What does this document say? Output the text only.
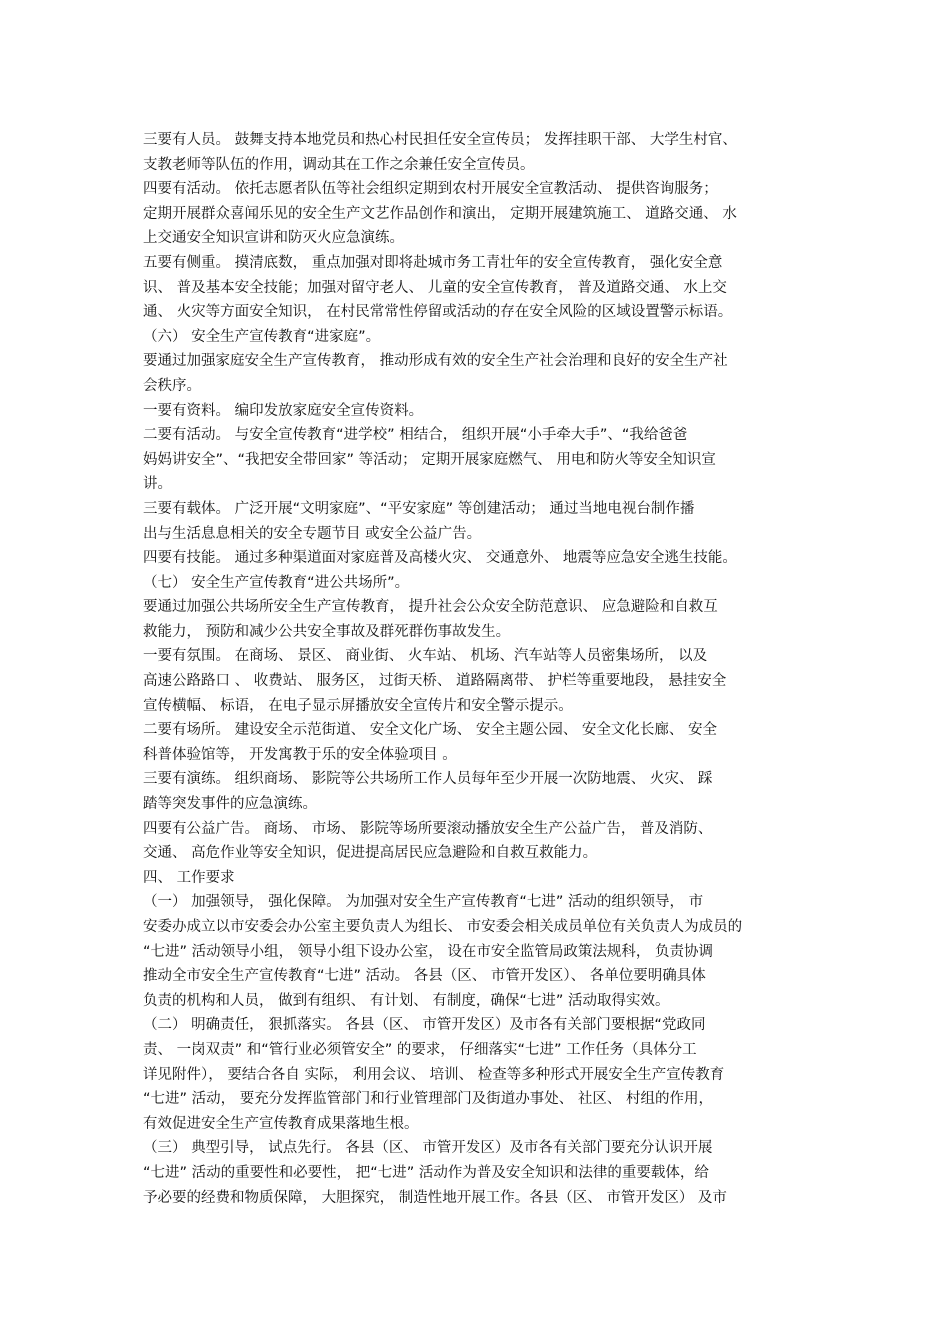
三要有人员。 鼓舞支持本地党员和热心村民担任安全宣传员； 发挥挂职干部、 大学生村官、
支教老师等队伍的作用，调动其在工作之余兼任安全宣传员。
四要有活动。 依托志愿者队伍等社会组织定期到农村开展安全宣教活动、 提供咨询服务；
定期开展群众喜闻乐见的安全生产文艺作品创作和演出， 定期开展建筑施工、 道路交通、 水
上交通安全知识宣讲和防灭火应急演练。
五要有侧重。 摸清底数， 重点加强对即将赴城市务工青壮年的安全宣传教育， 强化安全意
识、 普及基本安全技能；加强对留守老人、 儿童的安全宣传教育， 普及道路交通、 水上交
通、 火灾等方面安全知识， 在村民常常性停留或活动的存在安全风险的区域设置警示标语。
（六） 安全生产宣传教育“进家庭”。
要通过加强家庭安全生产宣传教育， 推动形成有效的安全生产社会治理和良好的安全生产社
会秩序。
一要有资料。 编印发放家庭安全宣传资料。
二要有活动。 与安全宣传教育“进学校” 相结合， 组织开展“小手牵大手”、“我给爸爸
妈妈讲安全”、“我把安全带回家” 等活动； 定期开展家庭燃气、 用电和防火等安全知识宣
讲。
三要有载体。 广泛开展“文明家庭”、“平安家庭” 等创建活动； 通过当地电视台制作播
出与生活息息相关的安全专题节目 或安全公益广告。
四要有技能。 通过多种渠道面对家庭普及高楼火灾、 交通意外、 地震等应急安全逃生技能。
（七） 安全生产宣传教育“进公共场所”。
要通过加强公共场所安全生产宣传教育， 提升社会公众安全防范意识、 应急避险和自救互
救能力， 预防和减少公共安全事故及群死群伤事故发生。
一要有氛围。 在商场、 景区、 商业街、 火车站、 机场、汽车站等人员密集场所， 以及
高速公路路口 、 收费站、 服务区， 过街天桥、 道路隔离带、 护栏等重要地段， 悬挂安全
宣传横幅、 标语， 在电子显示屏播放安全宣传片和安全警示提示。
二要有场所。 建设安全示范街道、 安全文化广场、 安全主题公园、 安全文化长廊、 安全
科普体验馆等， 开发寓教于乐的安全体验项目 。
三要有演练。 组织商场、 影院等公共场所工作人员每年至少开展一次防地震、 火灾、 踩
踏等突发事件的应急演练。
四要有公益广告。 商场、 市场、 影院等场所要滚动播放安全生产公益广告， 普及消防、
交通、 高危作业等安全知识，促进提高居民应急避险和自救互救能力。
四、 工作要求
（一） 加强领导， 强化保障。 为加强对安全生产宣传教育“七进” 活动的组织领导， 市
安委办成立以市安委会办公室主要负责人为组长、 市安委会相关成员单位有关负责人为成员的
“七进” 活动领导小组， 领导小组下设办公室， 设在市安全监管局政策法规科， 负责协调
推动全市安全生产宣传教育“七进” 活动。 各县（区、 市管开发区）、 各单位要明确具体
负责的机构和人员， 做到有组织、 有计划、 有制度，确保“七进” 活动取得实效。
（二） 明确责任， 狠抓落实。 各县（区、 市管开发区）及市各有关部门要根据“党政同
责、 一岗双责” 和“管行业必须管安全” 的要求， 仔细落实“七进” 工作任务（具体分工
详见附件）， 要结合各自 实际， 利用会议、 培训、 检查等多种形式开展安全生产宣传教育
“七进” 活动， 要充分发挥监管部门和行业管理部门及街道办事处、 社区、 村组的作用，
有效促进安全生产宣传教育成果落地生根。
（三） 典型引导， 试点先行。 各县（区、 市管开发区）及市各有关部门要充分认识开展
“七进” 活动的重要性和必要性， 把“七进” 活动作为普及安全知识和法律的重要载体，给
予必要的经费和物质保障， 大胆探究， 制造性地开展工作。各县（区、 市管开发区） 及市
